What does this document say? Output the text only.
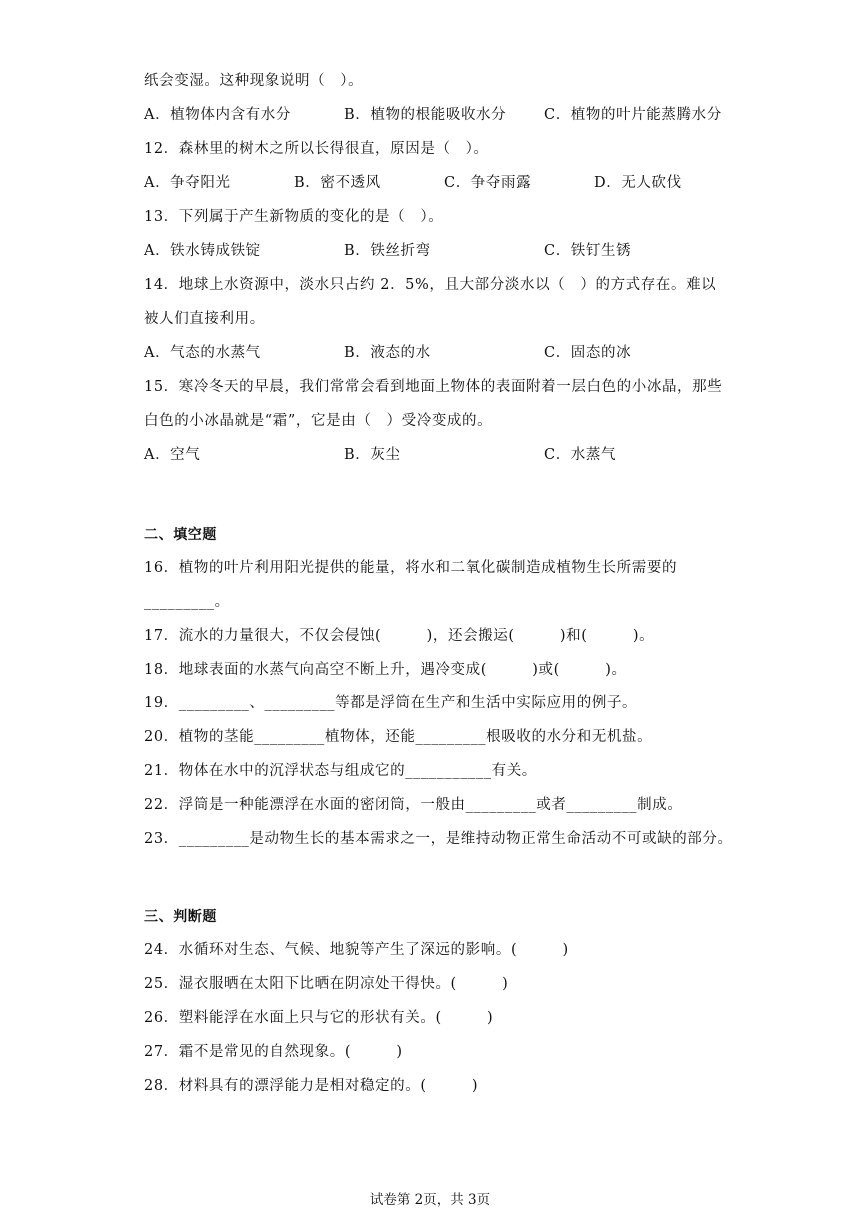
纸会变湿。这种现象说明（　）。
A．植物体内含有水分	B．植物的根能吸收水分	C．植物的叶片能蒸腾水分
12．森林里的树木之所以长得很直，原因是（　）。
A．争夺阳光	B．密不透风	C．争夺雨露	D．无人砍伐
13．下列属于产生新物质的变化的是（　）。
A．铁水铸成铁锭	B．铁丝折弯	C．铁钉生锈
14．地球上水资源中，淡水只占约 2．5%，且大部分淡水以（　）的方式存在。难以
被人们直接利用。
A．气态的水蒸气	B．液态的水	C．固态的冰
15．寒冷冬天的早晨，我们常常会看到地面上物体的表面附着一层白色的小冰晶，那些
白色的小冰晶就是“霜”，它是由（　）受冷变成的。
A．空气	B．灰尘	C．水蒸气
二、填空题
16．植物的叶片利用阳光提供的能量，将水和二氧化碳制造成植物生长所需要的
_________。
17．流水的力量很大，不仅会侵蚀(　　　)，还会搬运(　　　)和(　　　)。
18．地球表面的水蒸气向高空不断上升，遇冷变成(　　　)或(　　　)。
19．_________、_________等都是浮筒在生产和生活中实际应用的例子。
20．植物的茎能_________植物体，还能_________根吸收的水分和无机盐。
21．物体在水中的沉浮状态与组成它的___________有关。
22．浮筒是一种能漂浮在水面的密闭筒，一般由_________或者_________制成。
23．_________是动物生长的基本需求之一，是维持动物正常生命活动不可或缺的部分。
三、判断题
24．水循环对生态、气候、地貌等产生了深远的影响。(　　　)
25．湿衣服晒在太阳下比晒在阴凉处干得快。(　　　)
26．塑料能浮在水面上只与它的形状有关。(　　　)
27．霜不是常见的自然现象。(　　　)
28．材料具有的漂浮能力是相对稳定的。(　　　)
试卷第 2页，共 3页
